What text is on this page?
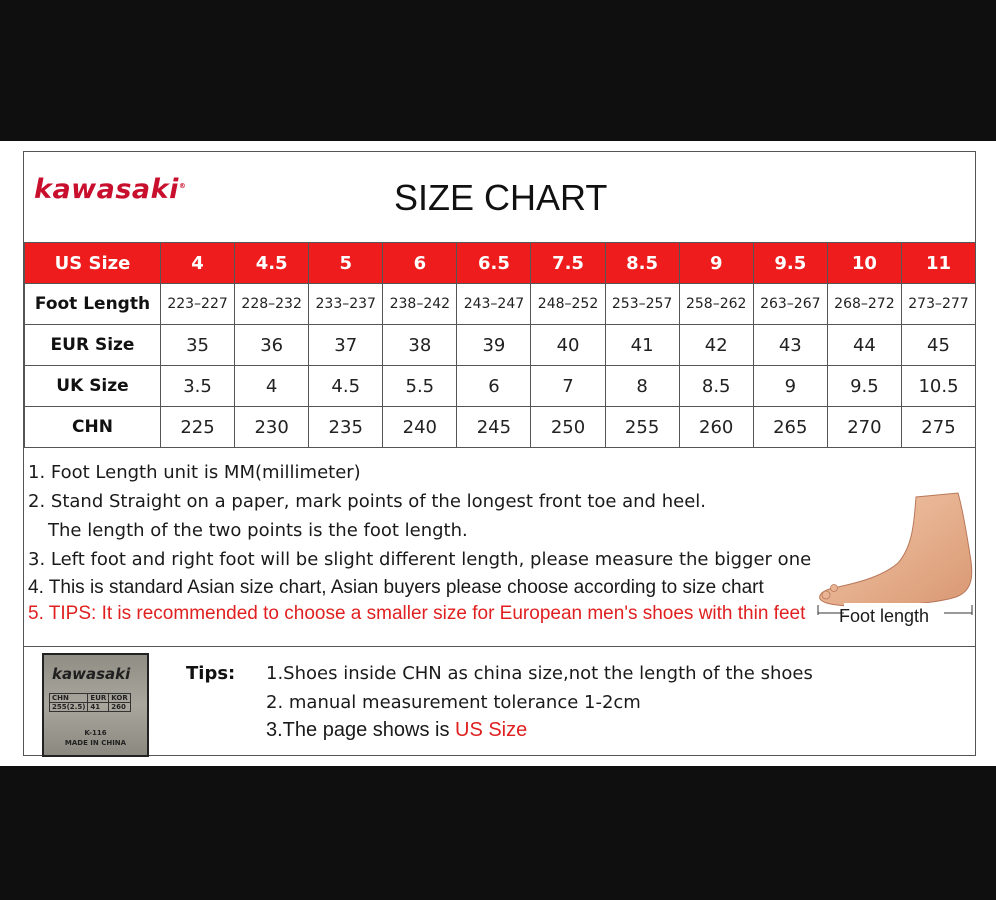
kawasaki®	SIZE CHART
US Size	4	4.5	5	6	6.5	7.5	8.5	9	9.5	10	11
Foot Length	223–227	228–232	233–237	238–242	243–247	248–252	253–257	258–262	263–267	268–272	273–277
EUR Size	35	36	37	38	39	40	41	42	43	44	45
UK Size	3.5	4	4.5	5.5	6	7	8	8.5	9	9.5	10.5
CHN	225	230	235	240	245	250	255	260	265	270	275
1. Foot Length unit is MM(millimeter)
2. Stand Straight on a paper, mark points of the longest front toe and heel.
The length of the two points is the foot length.
3. Left foot and right foot will be slight different length, please measure the bigger one
4. This is standard Asian size chart, Asian buyers please choose according to size chart
5. TIPS: It is recommended to choose a smaller size for European men's shoes with thin feet Foot length
kawasaki
CHN	EUR	KOR
255(2.5)	41	260
K-116
MADE IN CHINA
Tips: 1.Shoes inside CHN as china size,not the length of the shoes
2. manual measurement tolerance 1-2cm
3.The page shows is US Size
